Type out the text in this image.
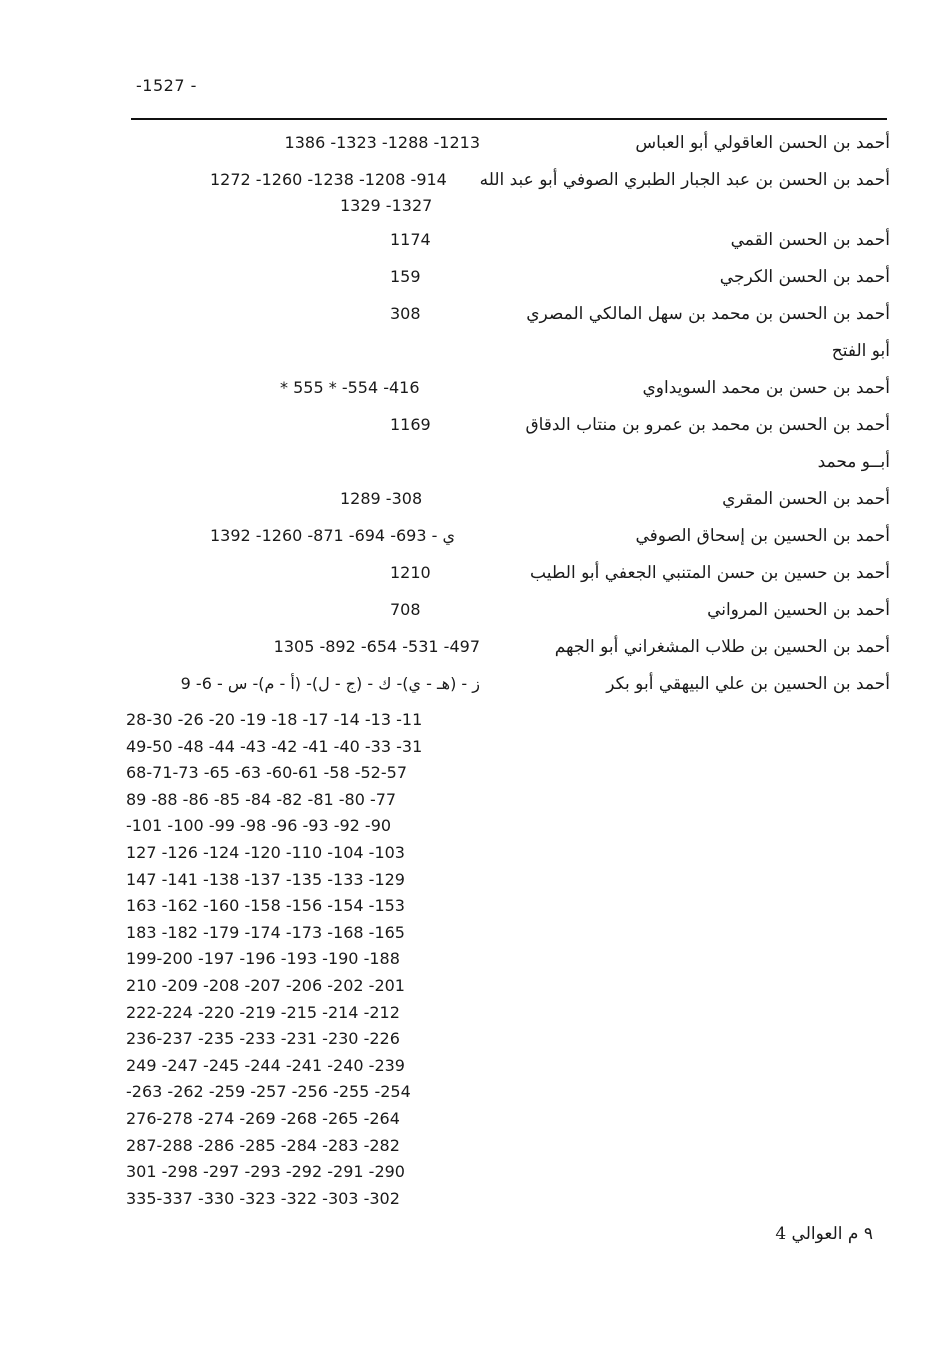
-1527 -
أحمد بن الحسن العاقولي أبو العباس
1213- 1288- 1323- 1386
أحمد بن الحسن بن عبد الجبار الطبري الصوفي أبو عبد الله
914- 1208- 1238- 1260- 1272
1327- 1329
أحمد بن الحسن القمي
1174
أحمد بن الحسن الكرجي
159
أحمد بن الحسن بن محمد بن سهل المالكي المصري
308
أبو الفتح
أحمد بن حسن بن محمد السويداوي
416- 554- * 555 *
أحمد بن الحسن بن محمد بن عمرو بن منتاب الدقاق
1169
أبــو محمد
أحمد بن الحسن المقري
308- 1289
أحمد بن الحسين بن إسحاق الصوفي
ي - 693- 694- 871- 1260- 1392
أحمد بن حسين بن حسن المتنبي الجعفي أبو الطيب
1210
أحمد بن الحسين المرواني
708
أحمد بن الحسين بن طلاب المشغراني أبو الجهم
497- 531- 654- 892- 1305
أحمد بن الحسين بن علي البيهقي أبو بكر
ز - (هـ - ي)- ك - (ج - ل)- (أ - م)- س - 6- 9
11- 13- 14- 17- 18- 19- 20- 26- 28-30
31- 33- 40- 41- 42- 43- 44- 48- 49-50
52-57- 58- 60-61- 63- 65- 68-71-73
77- 80- 81- 82- 84- 85- 86- 88- 89
90- 92- 93- 96- 98- 99- 100- 101-
103- 104- 110- 120- 124- 126- 127
129- 133- 135- 137- 138- 141- 147
153- 154- 156- 158- 160- 162- 163
165- 168- 173- 174- 179- 182- 183
188- 190- 193- 196- 197- 199-200
201- 202- 206- 207- 208- 209- 210
212- 214- 215- 219- 220- 222-224
226- 230- 231- 233- 235- 236-237
239- 240- 241- 244- 245- 247- 249
254- 255- 256- 257- 259- 262- 263-
264- 265- 268- 269- 274- 276-278
282- 283- 284- 285- 286- 287-288
290- 291- 292- 293- 297- 298- 301
302- 303- 322- 323- 330- 335-337
٩ م العوالي 4
